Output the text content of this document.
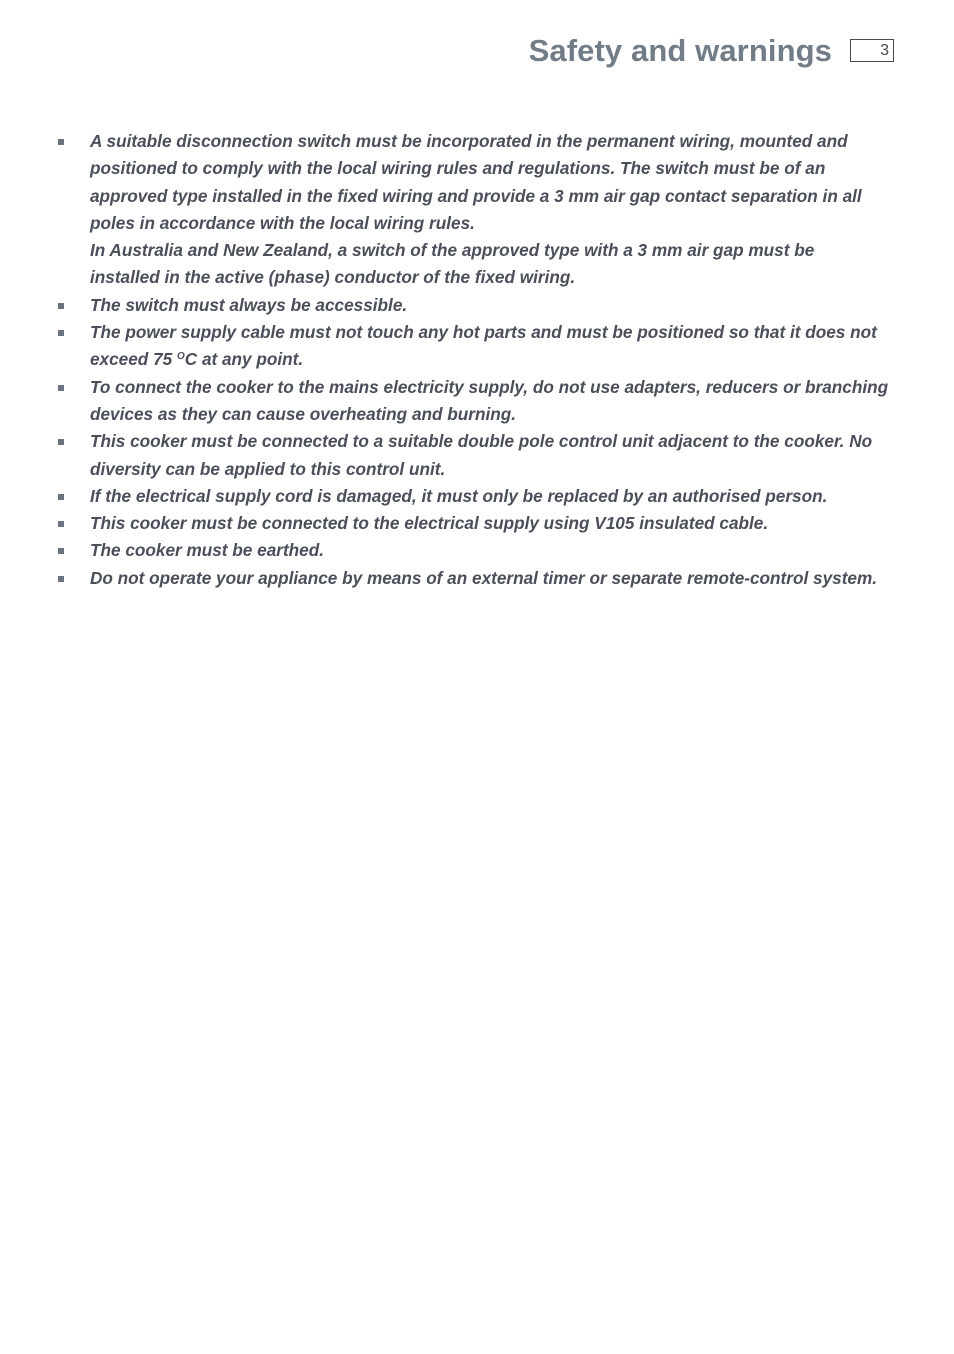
Safety and warnings	3
A suitable disconnection switch must be incorporated in the permanent wiring, mounted and
positioned to comply with the local wiring rules and regulations. The switch must be of an
approved type installed in the fixed wiring and provide a 3 mm air gap contact separation in all
poles in accordance with the local wiring rules.
In Australia and New Zealand, a switch of the approved type with a 3 mm air gap must be
installed in the active (phase) conductor of the fixed wiring.
The switch must always be accessible.
The power supply cable must not touch any hot parts and must be positioned so that it does not
exceed 75 $^O$C at any point.
To connect the cooker to the mains electricity supply, do not use adapters, reducers or branching
devices as they can cause overheating and burning.
This cooker must be connected to a suitable double pole control unit adjacent to the cooker. No
diversity can be applied to this control unit.
If the electrical supply cord is damaged, it must only be replaced by an authorised person.
This cooker must be connected to the electrical supply using V105 insulated cable.
The cooker must be earthed.
Do not operate your appliance by means of an external timer or separate remote-control system.
